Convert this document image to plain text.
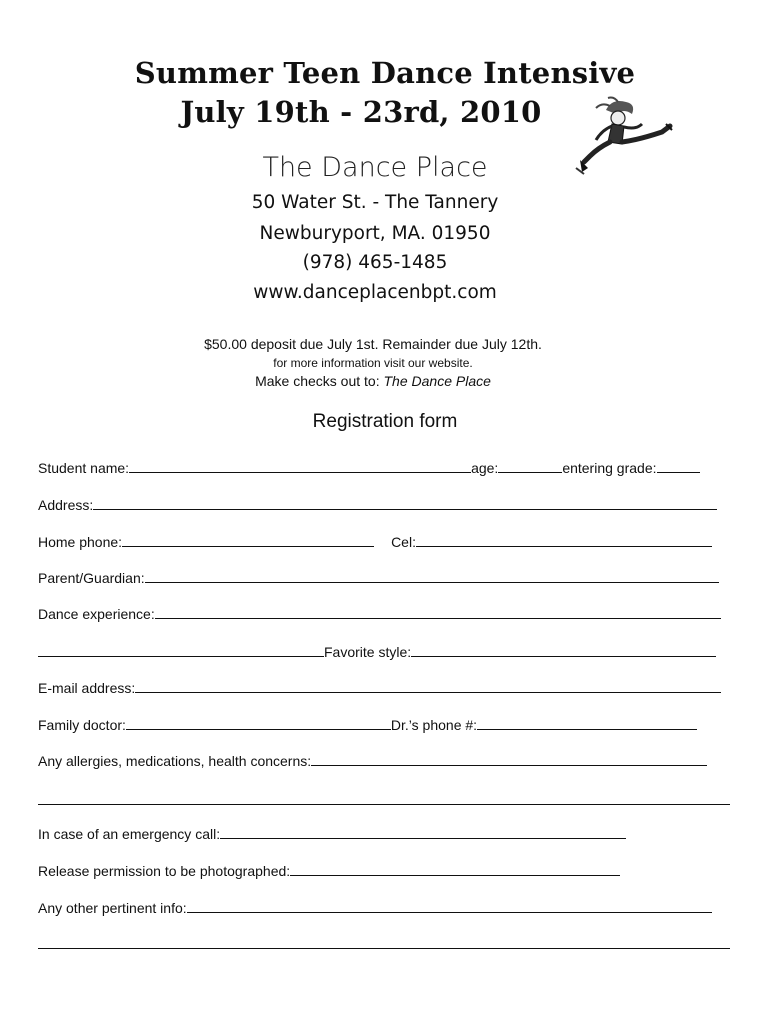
Summer Teen Dance Intensive
July 19th - 23rd, 2010
The Dance Place
50 Water St. - The Tannery
Newburyport, MA. 01950
(978) 465-1485
www.danceplacenbpt.com
$50.00 deposit due July 1st. Remainder due July 12th.
for more information visit our website.
Make checks out to: The Dance Place
Registration form
Student name:	age:	entering grade:
Address:
Home phone:	Cel:
Parent/Guardian:
Dance experience:
Favorite style:
E-mail address:
Family doctor:	Dr.’s phone #:
Any allergies, medications, health concerns:
In case of an emergency call:
Release permission to be photographed:
Any other pertinent info:
